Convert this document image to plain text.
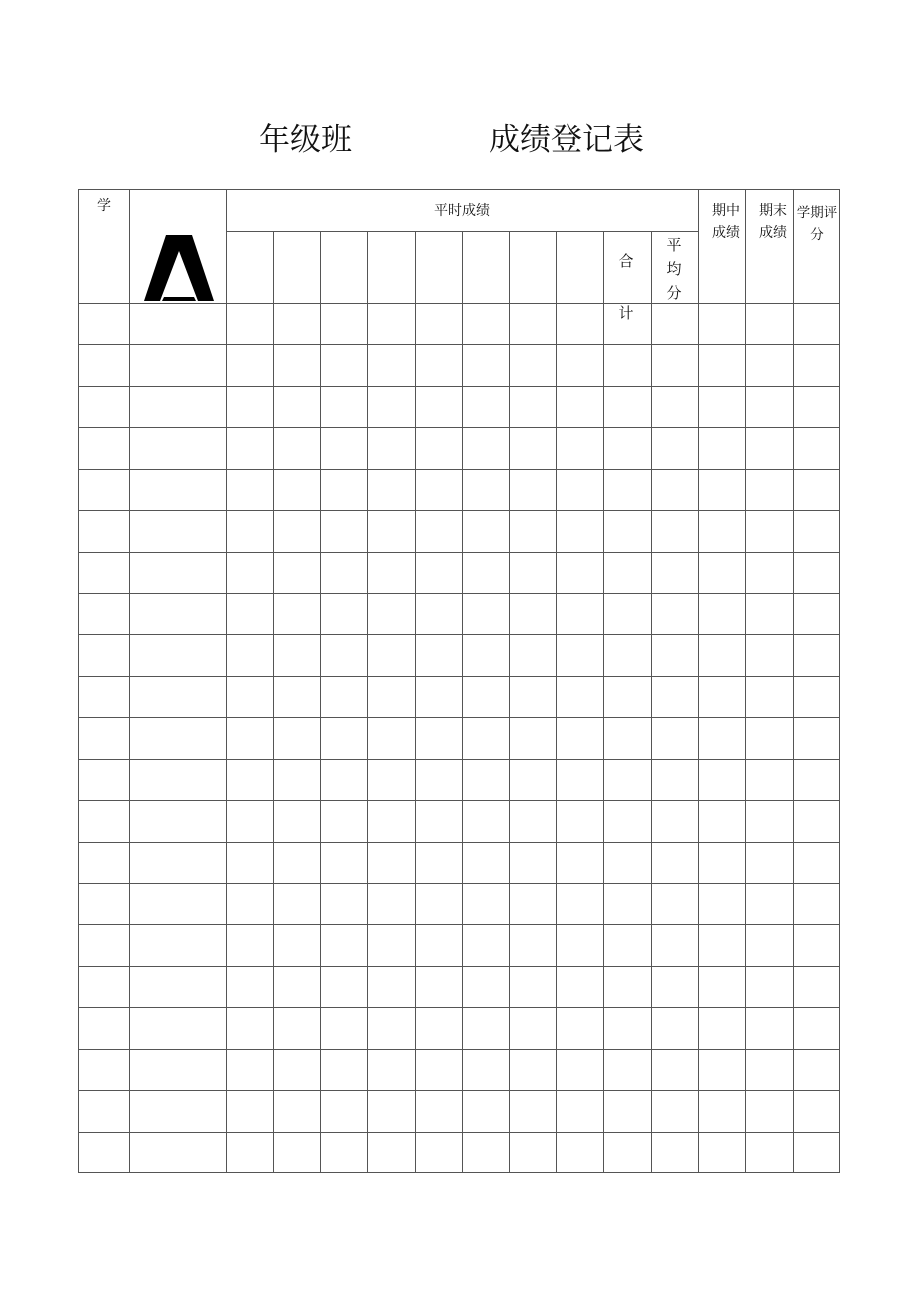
年级班	成绩登记表
学	平时成绩
合
计
平
均
分
期中
成绩
期末
成绩
学期评
分
